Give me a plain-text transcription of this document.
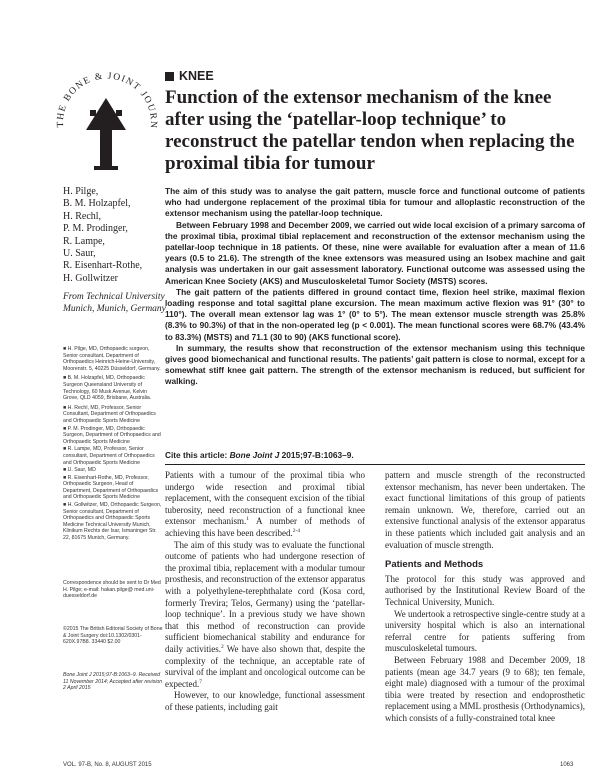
THE BONE & JOINT JOURN
KNEE
Function of the extensor mechanism of the knee after using the ‘patellar-loop technique’ to reconstruct the patellar tendon when replacing the proximal tibia for tumour
H. Pilge,
B. M. Holzapfel,
H. Rechl,
P. M. Prodinger,
R. Lampe,
U. Saur,
R. Eisenhart-Rothe,
H. Gollwitzer
From Technical University Munich, Munich, Germany

■ H. Pilge, MD, Orthopaedic surgeon, Senior consultant, Department of Orthopaedics Heinrich-Heine-University, Moorenstr. 5, 40225 Düsseldorf, Germany.

■ B. M. Holzapfel, MD, Orthopaedic Surgeon Queensland University of Technology, 60 Musk Avenue, Kelvin Grove, QLD 4059, Brisbane, Australia.

■ H. Rechl, MD, Professor, Senior Consultant, Department of Orthopaedics and Orthopaedic Sports Medicine

■ P. M. Prodinger, MD, Orthopaedic Surgeon, Department of Orthopaedics and Orthopaedic Sports Medicine

■ R. Lampe, MD, Professor, Senior consultant, Department of Orthopaedics and Orthopaedic Sports Medicine

■ U. Saur, MD

■ R. Eisenhart-Rothe, MD, Professor, Orthopaedic Surgeon, Head of Department, Department of Orthopaedics and Orthopaedic Sports Medicine

■ H. Gollwitzer, MD, Orthopaedic Surgeon, Senior consultant, Department of Orthopaedics and Orthopaedic Sports Medicine Technical University Munich, Klinikum Rechts der Isar, Ismaninger Str. 22, 81675 Munich, Germany.

Correspondence should be sent to Dr Med H. Pilge; e-mail: hakan.pilge@ med.uni-duesseldorf.de
©2015 The British Editorial Society of Bone & Joint Surgery doi:10.1302/0301-620X.97B8. 33440 $2.00
Bone Joint J 2015;97-B:1063–9. Received 11 November 2014; Accepted after revision 2 April 2015

The aim of this study was to analyse the gait pattern, muscle force and functional outcome of patients who had undergone replacement of the proximal tibia for tumour and alloplastic reconstruction of the extensor mechanism using the patellar-loop technique.

Between February 1998 and December 2009, we carried out wide local excision of a primary sarcoma of the proximal tibia, proximal tibial replacement and reconstruction of the extensor mechanism using the patellar-loop technique in 18 patients. Of these, nine were available for evaluation after a mean of 11.6 years (0.5 to 21.6). The strength of the knee extensors was measured using an Isobex machine and gait analysis was undertaken in our gait assessment laboratory. Functional outcome was assessed using the American Knee Society (AKS) and Musculoskeletal Tumor Society (MSTS) scores.

The gait pattern of the patients differed in ground contact time, flexion heel strike, maximal flexion loading response and total sagittal plane excursion. The mean maximum active flexion was 91° (30° to 110°). The overall mean extensor lag was 1° (0° to 5°). The mean extensor muscle strength was 25.8% (8.3% to 90.3%) of that in the non-operated leg (p < 0.001). The mean functional scores were 68.7% (43.4% to 83.3%) (MSTS) and 71.1 (30 to 90) (AKS functional score).

In summary, the results show that reconstruction of the extensor mechanism using this technique gives good biomechanical and functional results. The patients’ gait pattern is close to normal, except for a somewhat stiff knee gait pattern. The strength of the extensor mechanism is reduced, but sufficient for walking.

Cite this article: Bone Joint J 2015;97-B:1063–9.

Patients with a tumour of the proximal tibia who undergo wide resection and proximal tibial replacement, with the consequent excision of the tibial tuberosity, need reconstruction of a functional knee extensor mechanism.$^1$ A number of methods of achieving this have been described.$^{2-4}$

The aim of this study was to evaluate the functional outcome of patients who had undergone resection of the proximal tibia, replacement with a modular tumour prosthesis, and reconstruction of the extensor apparatus with a polyethylene-terephthalate cord (Kosa cord, formerly Trevira; Telos, Germany) using the ‘patellar-loop technique’. In a previous study we have shown that this method of reconstruction can provide sufficient biomechanical stability and endurance for daily activities.$^2$ We have also shown that, despite the complexity of the technique, an acceptable rate of survival of the implant and oncological outcome can be expected.$^7$

However, to our knowledge, functional assessment of these patients, including gait

pattern and muscle strength of the reconstructed extensor mechanism, has never been undertaken. The exact functional limitations of this group of patients remain unknown. We, therefore, carried out an extensive functional analysis of the extensor apparatus in these patients which included gait analysis and an evaluation of muscle strength.

Patients and Methods

The protocol for this study was approved and authorised by the Institutional Review Board of the Technical University, Munich.

We undertook a retrospective single-centre study at a university hospital which is also an international referral centre for patients suffering from musculoskeletal tumours.

Between February 1988 and December 2009, 18 patients (mean age 34.7 years (9 to 68); ten female, eight male) diagnosed with a tumour of the proximal tibia were treated by resection and endoprosthetic replacement using a MML prosthesis (Orthodynamics), which consists of a fully-constrained total knee

VOL. 97-B, No. 8, AUGUST 2015	1063
